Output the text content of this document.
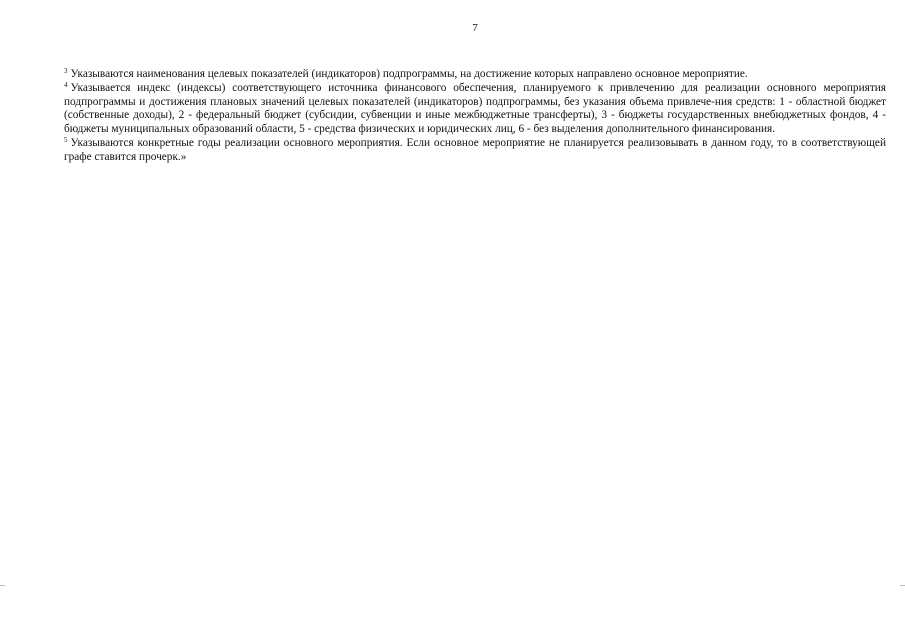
7

$^3$ Указываются наименования целевых показателей (индикаторов) подпрограммы, на достижение которых направлено основное мероприятие.

$^4$ Указывается индекс (индексы) соответствующего источника финансового обеспечения, планируемого к привлечению для реализации основного мероприятия подпрограммы и достижения плановых значений целевых показателей (индикаторов) подпрограммы, без указания объема привлече-ния средств: 1 - областной бюджет (собственные доходы), 2 - федеральный бюджет (субсидии, субвенции и иные межбюджетные трансферты), 3 - бюджеты государственных внебюджетных фондов, 4 - бюджеты муниципальных образований области, 5 - средства физических и юридических лиц, 6 - без выделения дополнительного финансирования.

$^5$ Указываются конкретные годы реализации основного мероприятия. Если основное мероприятие не планируется реализовывать в данном году, то в соответствующей графе ставится прочерк.»
